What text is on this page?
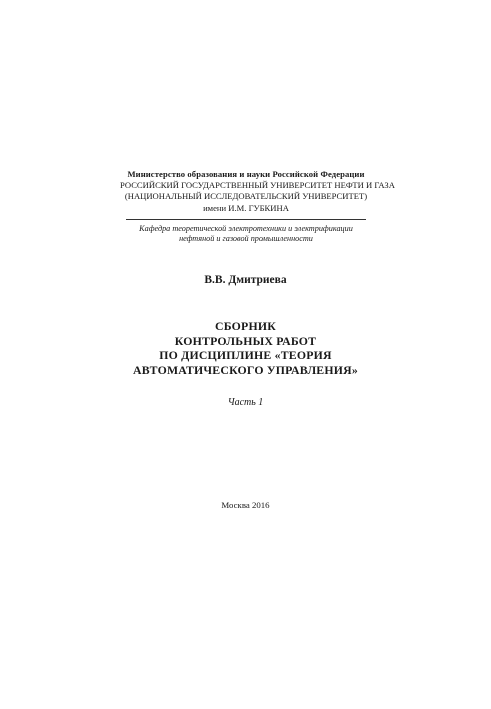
Министерство образования и науки Российской Федерации
РОССИЙСКИЙ ГОСУДАРСТВЕННЫЙ УНИВЕРСИТЕТ НЕФТИ И ГАЗА
(НАЦИОНАЛЬНЫЙ ИССЛЕДОВАТЕЛЬСКИЙ УНИВЕРСИТЕТ)
имени И.М. ГУБКИНА
Кафедра теоретической электротехники и электрификации
нефтяной и газовой промышленности
В.В. Дмитриева
СБОРНИК
КОНТРОЛЬНЫХ РАБОТ
ПО ДИСЦИПЛИНЕ «ТЕОРИЯ
АВТОМАТИЧЕСКОГО УПРАВЛЕНИЯ»
Часть 1
Москва 2016
